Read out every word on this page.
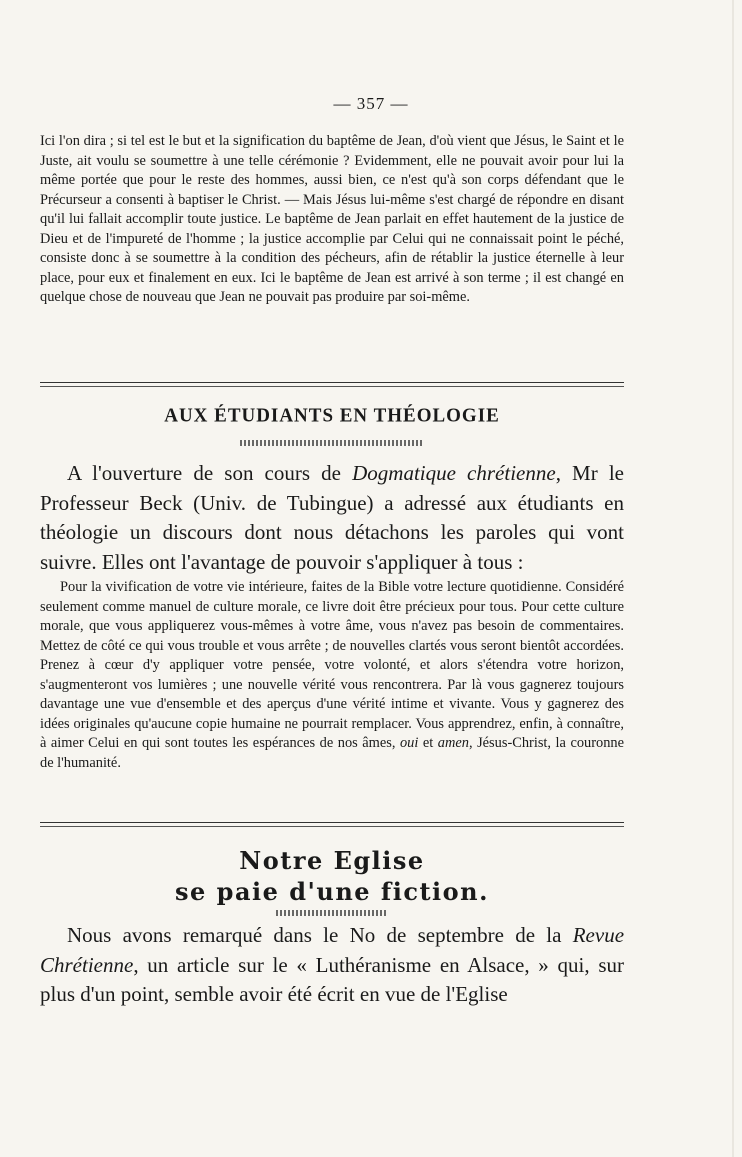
— 357 —

Ici l'on dira ; si tel est le but et la signification du baptême de Jean, d'où vient que Jésus, le Saint et le Juste, ait voulu se soumettre à une telle cérémonie ? Evidemment, elle ne pouvait avoir pour lui la même portée que pour le reste des hommes, aussi bien, ce n'est qu'à son corps défendant que le Précurseur a consenti à baptiser le Christ. — Mais Jésus lui-même s'est chargé de répondre en disant qu'il lui fallait accomplir toute justice. Le baptême de Jean parlait en effet hautement de la justice de Dieu et de l'impureté de l'homme ; la justice accomplie par Celui qui ne connaissait point le péché, consiste donc à se soumettre à la condition des pécheurs, afin de rétablir la justice éternelle à leur place, pour eux et finalement en eux. Ici le baptême de Jean est arrivé à son terme ; il est changé en quelque chose de nouveau que Jean ne pouvait pas produire par soi-même.

AUX ÉTUDIANTS EN THÉOLOGIE

A l'ouverture de son cours de Dogmatique chrétienne, Mr le Professeur Beck (Univ. de Tubingue) a adressé aux étudiants en théologie un discours dont nous détachons les paroles qui vont suivre. Elles ont l'avantage de pouvoir s'appliquer à tous :

Pour la vivification de votre vie intérieure, faites de la Bible votre lecture quotidienne. Considéré seulement comme manuel de culture morale, ce livre doit être précieux pour tous. Pour cette culture morale, que vous appliquerez vous-mêmes à votre âme, vous n'avez pas besoin de commentaires. Mettez de côté ce qui vous trouble et vous arrête ; de nouvelles clartés vous seront bientôt accordées. Prenez à cœur d'y appliquer votre pensée, votre volonté, et alors s'étendra votre horizon, s'augmenteront vos lumières ; une nouvelle vérité vous rencontrera. Par là vous gagnerez toujours davantage une vue d'ensemble et des aperçus d'une vérité intime et vivante. Vous y gagnerez des idées originales qu'aucune copie humaine ne pourrait remplacer. Vous apprendrez, enfin, à connaître, à aimer Celui en qui sont toutes les espérances de nos âmes, oui et amen, Jésus-Christ, la couronne de l'humanité.

Notre Eglise
se paie d'une fiction.

Nous avons remarqué dans le No de septembre de la Revue Chrétienne, un article sur le « Luthéranisme en Alsace, » qui, sur plus d'un point, semble avoir été écrit en vue de l'Eglise
